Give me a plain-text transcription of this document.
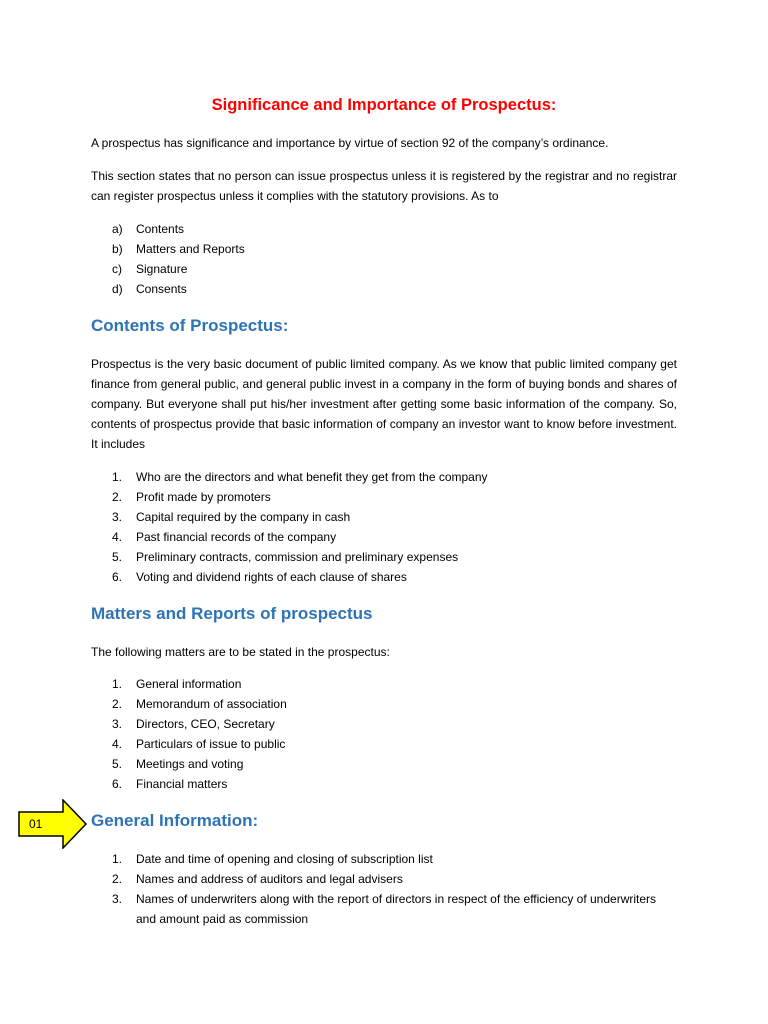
Significance and Importance of Prospectus:
A prospectus has significance and importance by virtue of section 92 of the company’s ordinance.
This section states that no person can issue prospectus unless it is registered by the registrar and no registrar can register prospectus unless it complies with the statutory provisions. As to
a) Contents
b) Matters and Reports
c) Signature
d) Consents
Contents of Prospectus:
Prospectus is the very basic document of public limited company. As we know that public limited company get finance from general public, and general public invest in a company in the form of buying bonds and shares of company. But everyone shall put his/her investment after getting some basic information of the company. So, contents of prospectus provide that basic information of company an investor want to know before investment. It includes
1. Who are the directors and what benefit they get from the company
2. Profit made by promoters
3. Capital required by the company in cash
4. Past financial records of the company
5. Preliminary contracts, commission and preliminary expenses
6. Voting and dividend rights of each clause of shares
Matters and Reports of prospectus
The following matters are to be stated in the prospectus:
1. General information
2. Memorandum of association
3. Directors, CEO, Secretary
4. Particulars of issue to public
5. Meetings and voting
6. Financial matters
01	General Information:
1. Date and time of opening and closing of subscription list
2. Names and address of auditors and legal advisers
3. Names of underwriters along with the report of directors in respect of the efficiency of underwriters and amount paid as commission
